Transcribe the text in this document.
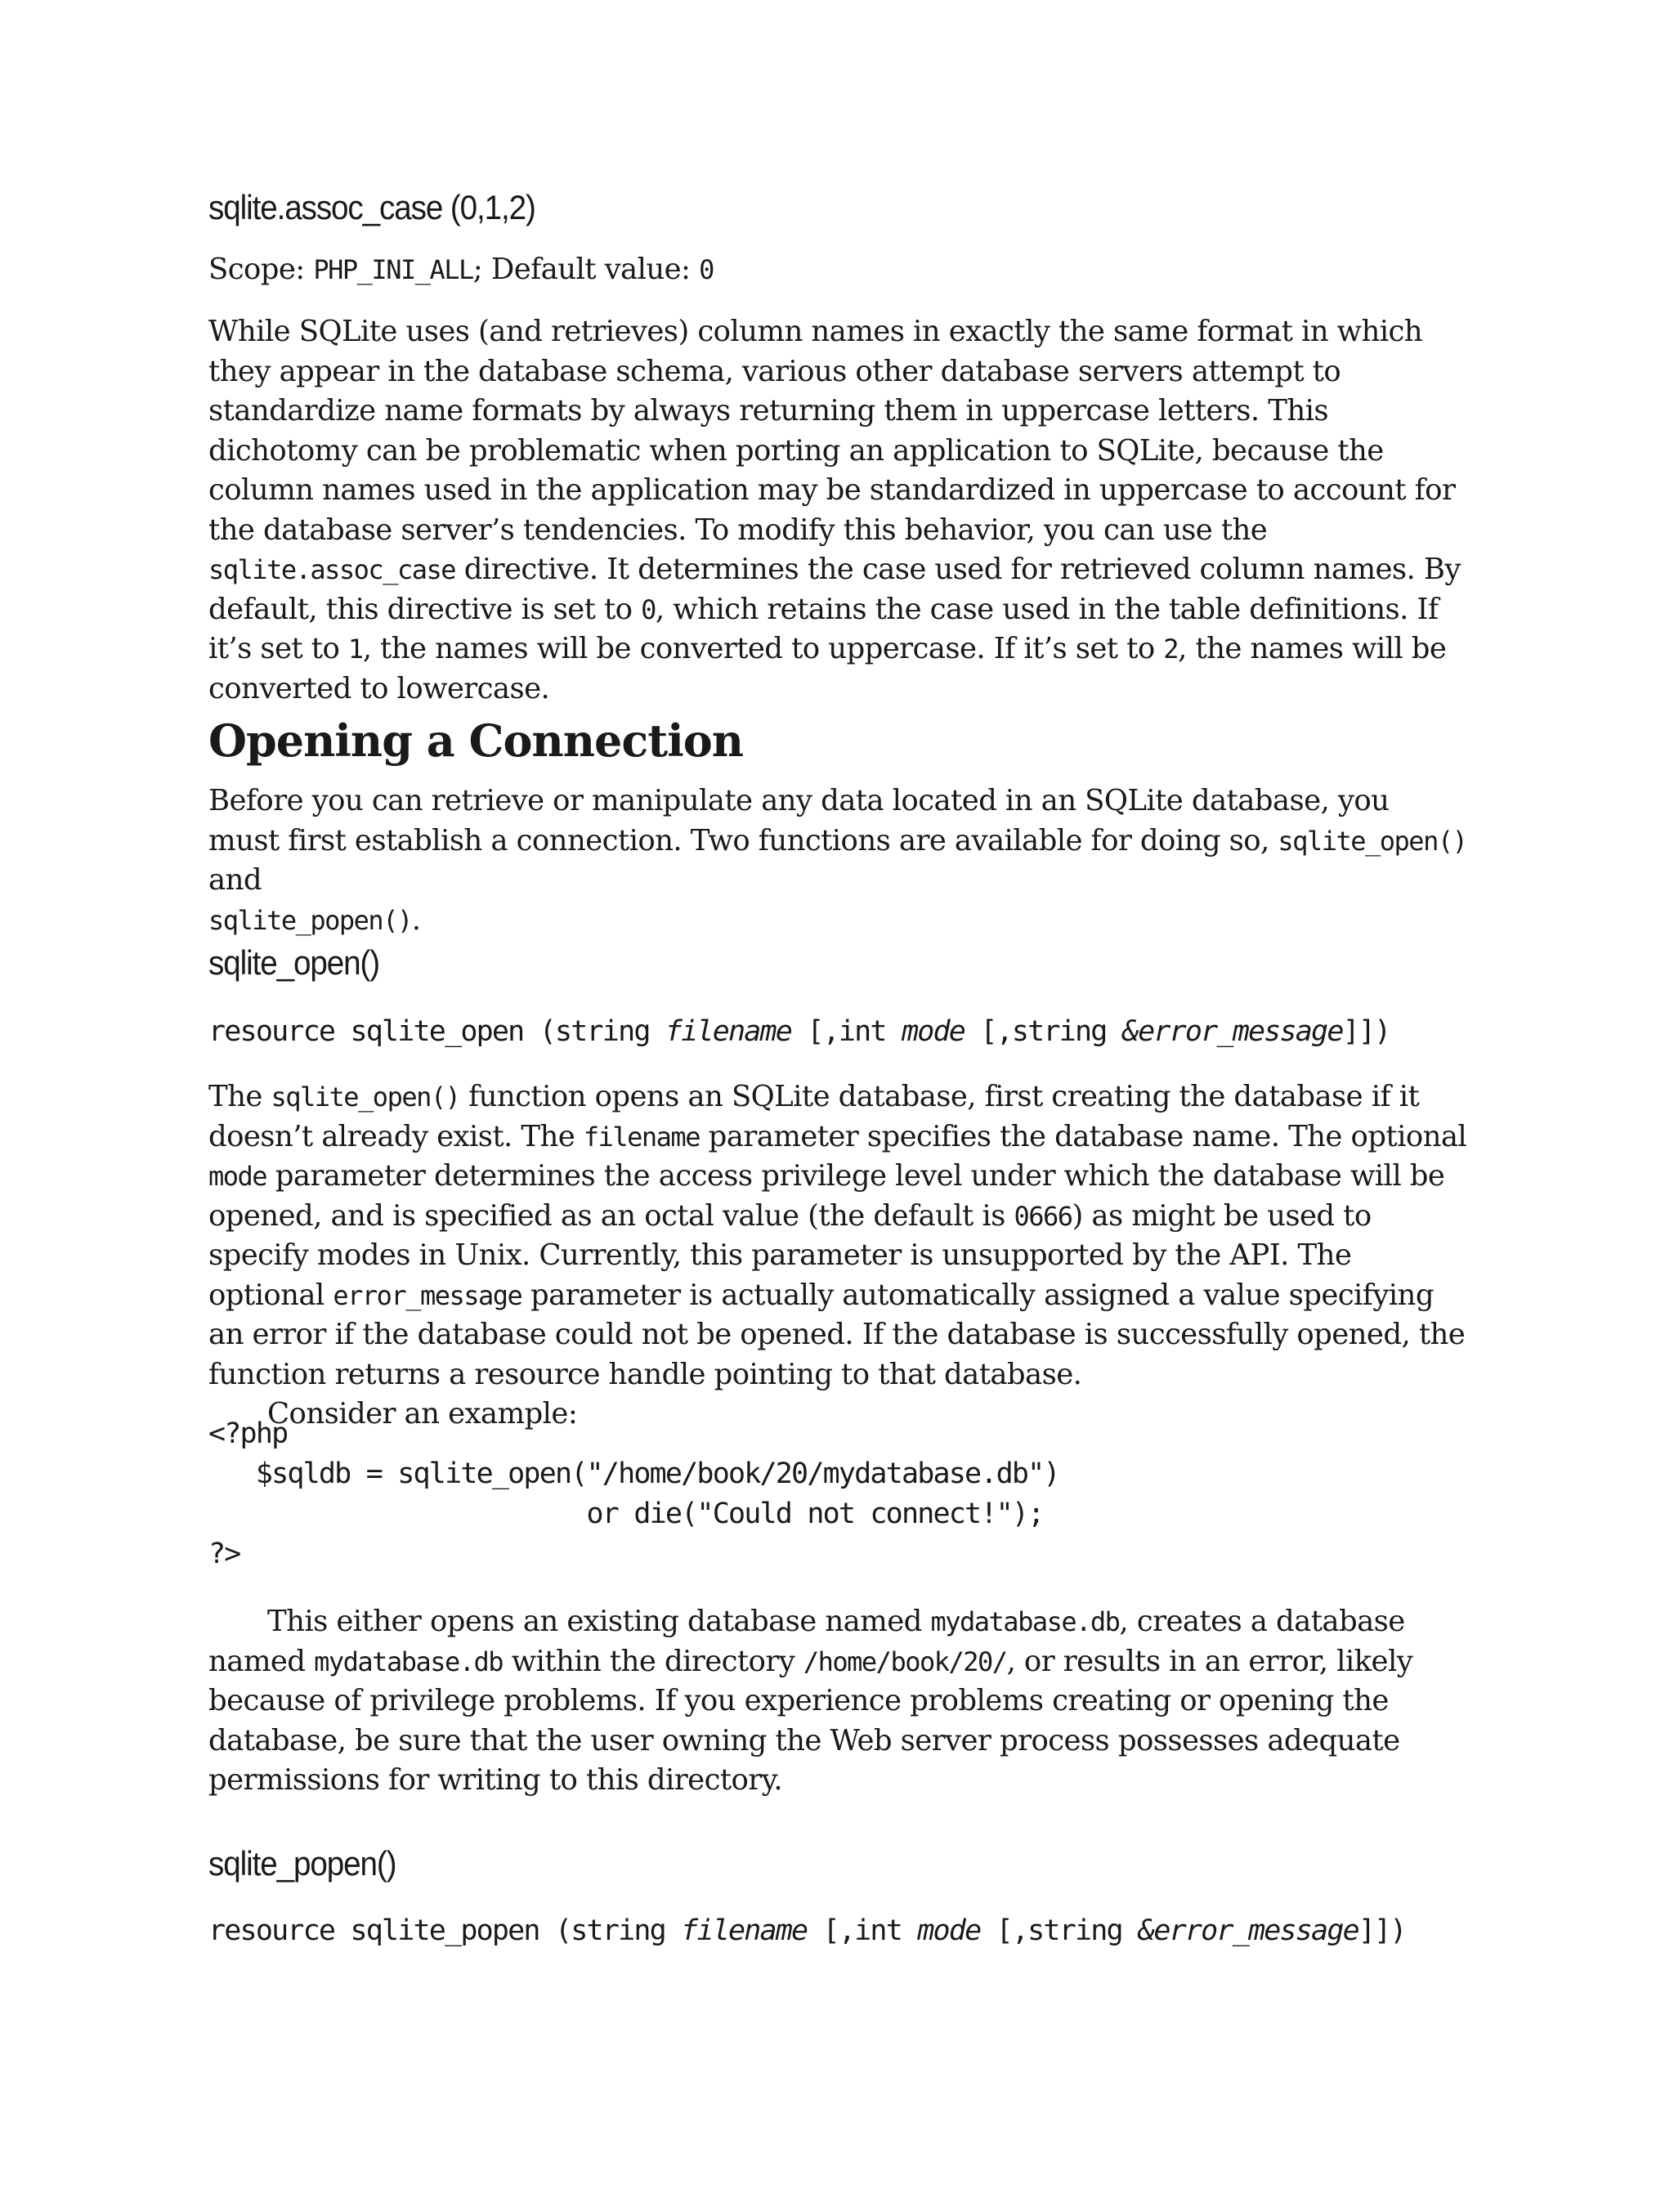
sqlite.assoc_case (0,1,2)

Scope: PHP_INI_ALL; Default value: 0

While SQLite uses (and retrieves) column names in exactly the same format in which they appear in the database schema, various other database servers attempt to standardize name formats by always returning them in uppercase letters. This dichotomy can be problematic when porting an application to SQLite, because the column names used in the application may be standardized in uppercase to account for the database server’s tendencies. To modify this behavior, you can use the sqlite.assoc_case directive. It determines the case used for retrieved column names. By default, this directive is set to 0, which retains the case used in the table definitions. If it’s set to 1, the names will be converted to uppercase. If it’s set to 2, the names will be converted to lowercase.

Opening a Connection

Before you can retrieve or manipulate any data located in an SQLite database, you must first establish a connection. Two functions are available for doing so, sqlite_open() and
sqlite_popen().

sqlite_open()

resource sqlite_open (string filename [,int mode [,string &error_message]])

The sqlite_open() function opens an SQLite database, first creating the database if it doesn’t already exist. The filename parameter specifies the database name. The optional mode parameter determines the access privilege level under which the database will be opened, and is specified as an octal value (the default is 0666) as might be used to specify modes in Unix. Currently, this parameter is unsupported by the API. The optional error_message parameter is actually automatically assigned a value specifying an error if the database could not be opened. If the database is successfully opened, the function returns a resource handle pointing to that database.

Consider an example:

<?php
$sqldb = sqlite_open("/home/book/20/mydatabase.db")
or die("Could not connect!");
?>

This either opens an existing database named mydatabase.db, creates a database named mydatabase.db within the directory /home/book/20/, or results in an error, likely because of privilege problems. If you experience problems creating or opening the database, be sure that the user owning the Web server process possesses adequate permissions for writing to this directory.

sqlite_popen()

resource sqlite_popen (string filename [,int mode [,string &error_message]])
